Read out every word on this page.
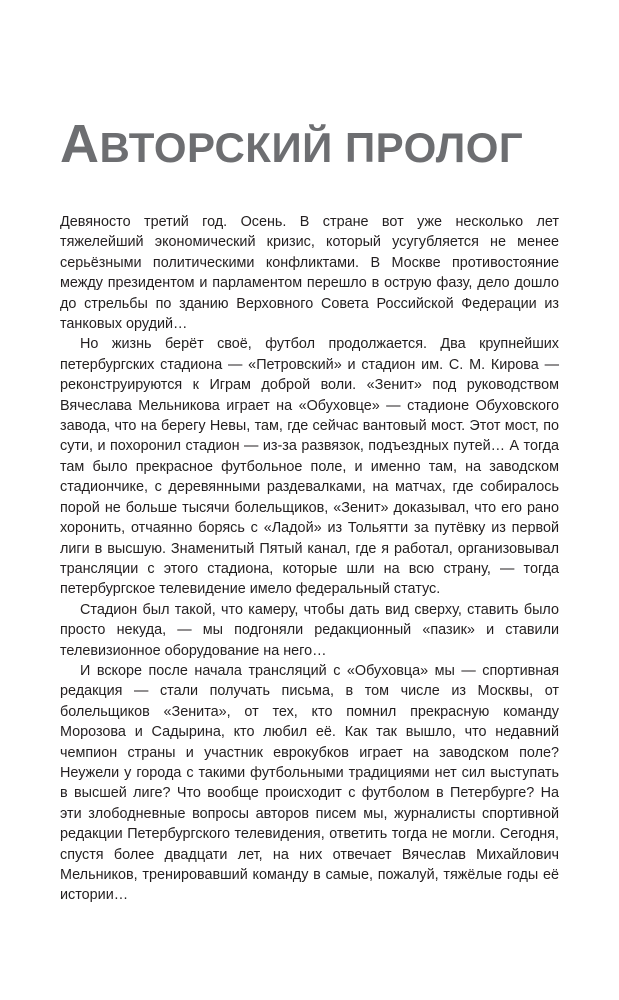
АВТОРСКИЙ ПРОЛОГ

Девяносто третий год. Осень. В стране вот уже несколько лет тяжелейший экономический кризис, который усугубляется не менее серьёзными политическими конфликтами. В Москве противостояние между президентом и парламентом перешло в острую фазу, дело дошло до стрельбы по зданию Верховного Совета Российской Федерации из танковых орудий…

Но жизнь берёт своё, футбол продолжается. Два крупнейших петербургских стадиона — «Петровский» и стадион им. С. М. Кирова — реконструируются к Играм доброй воли. «Зенит» под руководством Вячеслава Мельникова играет на «Обуховце» — стадионе Обуховского завода, что на берегу Невы, там, где сейчас вантовый мост. Этот мост, по сути, и похоронил стадион — из-за развязок, подъездных путей… А тогда там было прекрасное футбольное поле, и именно там, на заводском стадиончике, с деревянными раздевалками, на матчах, где собиралось порой не больше тысячи болельщиков, «Зенит» доказывал, что его рано хоронить, отчаянно борясь с «Ладой» из Тольятти за путёвку из первой лиги в высшую. Знаменитый Пятый канал, где я работал, организовывал трансляции с этого стадиона, которые шли на всю страну, — тогда петербургское телевидение имело федеральный статус.

Стадион был такой, что камеру, чтобы дать вид сверху, ставить было просто некуда, — мы подгоняли редакционный «пазик» и ставили телевизионное оборудование на него…

И вскоре после начала трансляций с «Обуховца» мы — спортивная редакция — стали получать письма, в том числе из Москвы, от болельщиков «Зенита», от тех, кто помнил прекрасную команду Морозова и Садырина, кто любил её. Как так вышло, что недавний чемпион страны и участник еврокубков играет на заводском поле? Неужели у города с такими футбольными традициями нет сил выступать в высшей лиге? Что вообще происходит с футболом в Петербурге? На эти злободневные вопросы авторов писем мы, журналисты спортивной редакции Петербургского телевидения, ответить тогда не могли. Сегодня, спустя более двадцати лет, на них отвечает Вячеслав Михайлович Мельников, тренировавший команду в самые, пожалуй, тяжёлые годы её истории…
